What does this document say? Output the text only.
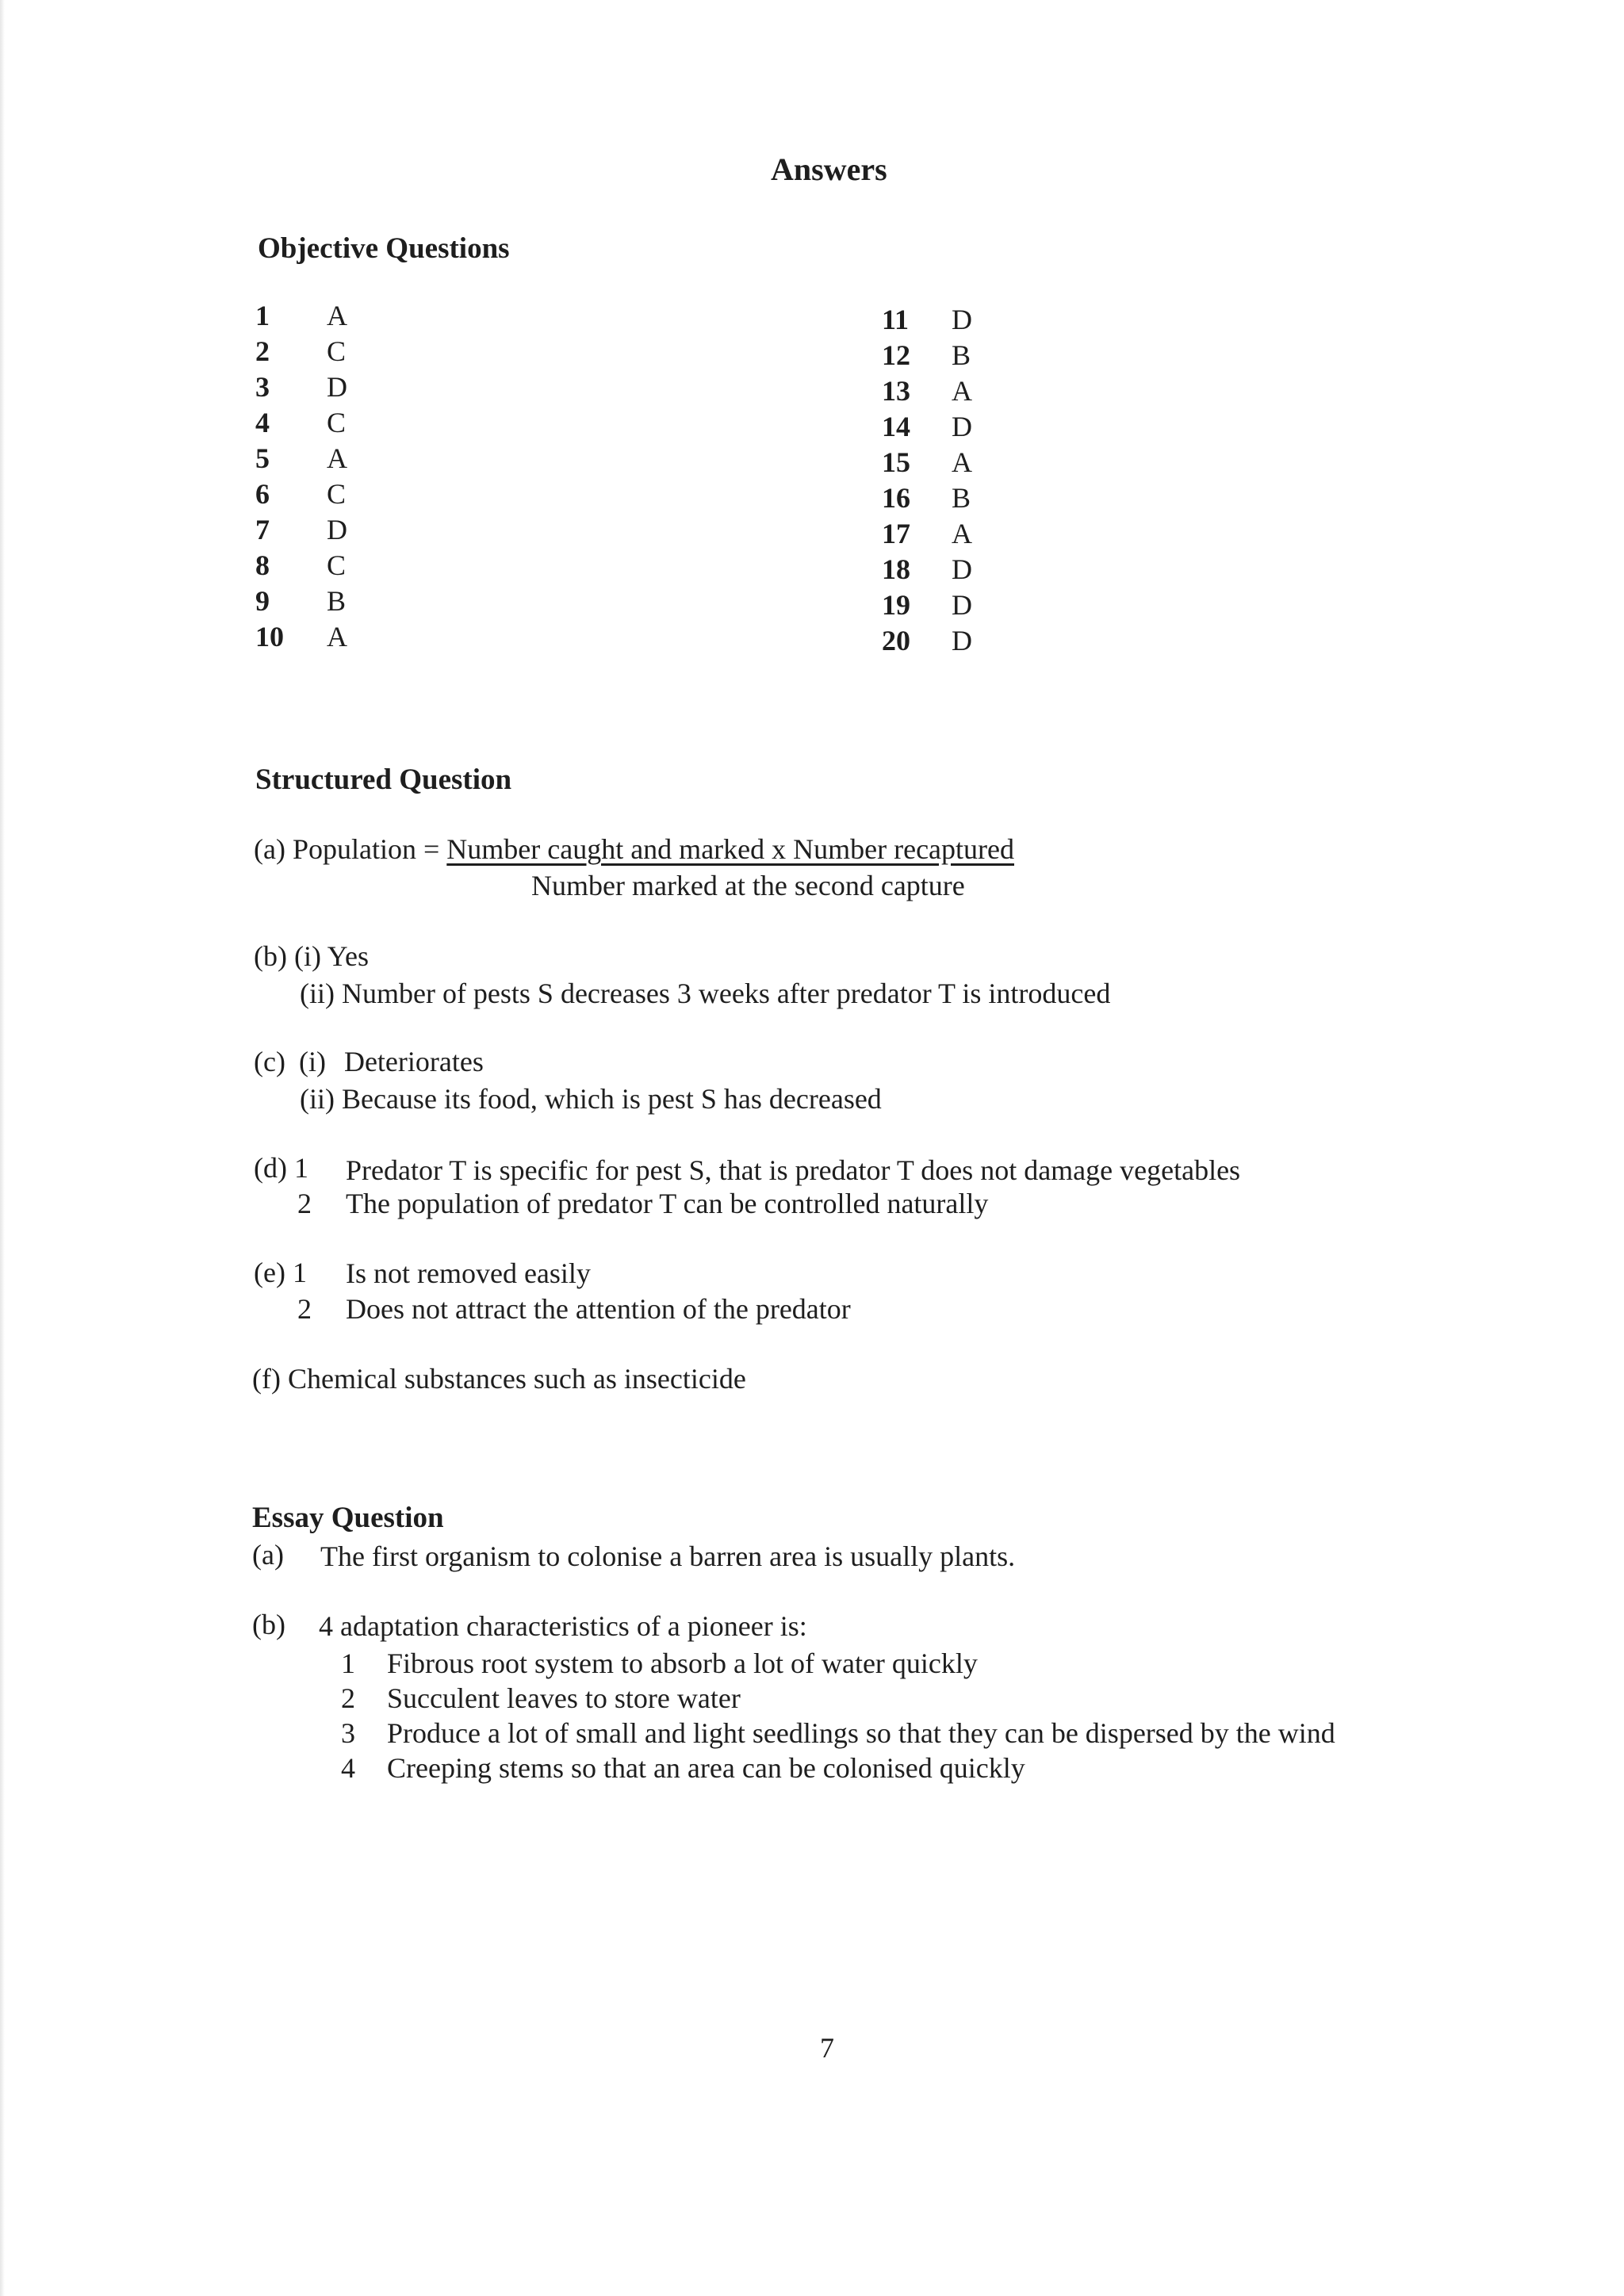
Answers
Objective Questions
1	A
2	C
3	D
4	C
5	A
6	C
7	D
8	C
9	B
10	A
11	D
12	B
13	A
14	D
15	A
16	B
17	A
18	D
19	D
20	D
Structured Question
(a) Population = Number caught and marked x Number recaptured
Number marked at the second capture
(b) (i) Yes
(ii) Number of pests S decreases 3 weeks after predator T is introduced
(c) (i) Deteriorates
(ii) Because its food, which is pest S has decreased
(d) 1 Predator T is specific for pest S, that is predator T does not damage vegetables
2 The population of predator T can be controlled naturally
(e) 1 Is not removed easily
2 Does not attract the attention of the predator
(f) Chemical substances such as insecticide
Essay Question
(a) The first organism to colonise a barren area is usually plants.
(b) 4 adaptation characteristics of a pioneer is:
1	Fibrous root system to absorb a lot of water quickly
2	Succulent leaves to store water
3	Produce a lot of small and light seedlings so that they can be dispersed by the wind
4	Creeping stems so that an area can be colonised quickly
7
